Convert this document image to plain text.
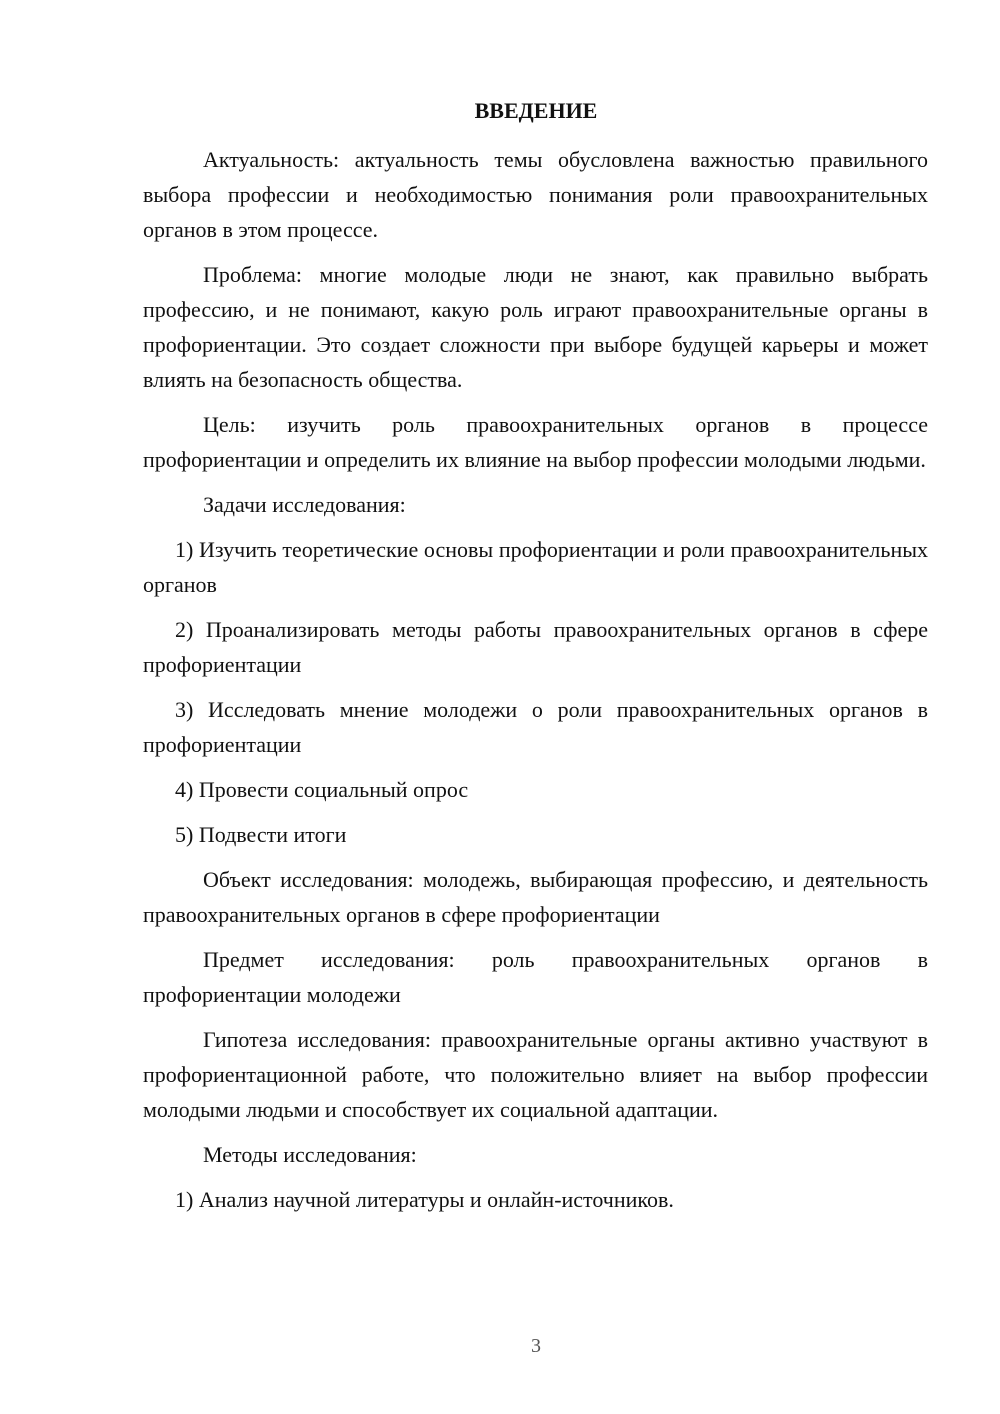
ВВЕДЕНИЕ

Актуальность: актуальность темы обусловлена важностью правильного выбора профессии и необходимостью понимания роли правоохранительных органов в этом процессе.

Проблема: многие молодые люди не знают, как правильно выбрать профессию, и не понимают, какую роль играют правоохранительные органы в профориентации. Это создает сложности при выборе будущей карьеры и может влиять на безопасность общества.

Цель: изучить роль правоохранительных органов в процессе профориентации и определить их влияние на выбор профессии молодыми людьми.

Задачи исследования:

1) Изучить теоретические основы профориентации и роли правоохранительных органов

2) Проанализировать методы работы правоохранительных органов в сфере профориентации

3) Исследовать мнение молодежи о роли правоохранительных органов в профориентации

4) Провести социальный опрос

5) Подвести итоги

Объект исследования: молодежь, выбирающая профессию, и деятельность правоохранительных органов в сфере профориентации

Предмет исследования: роль правоохранительных органов в профориентации молодежи

Гипотеза исследования: правоохранительные органы активно участвуют в профориентационной работе, что положительно влияет на выбор профессии молодыми людьми и способствует их социальной адаптации.

Методы исследования:

1) Анализ научной литературы и онлайн-источников.

3
